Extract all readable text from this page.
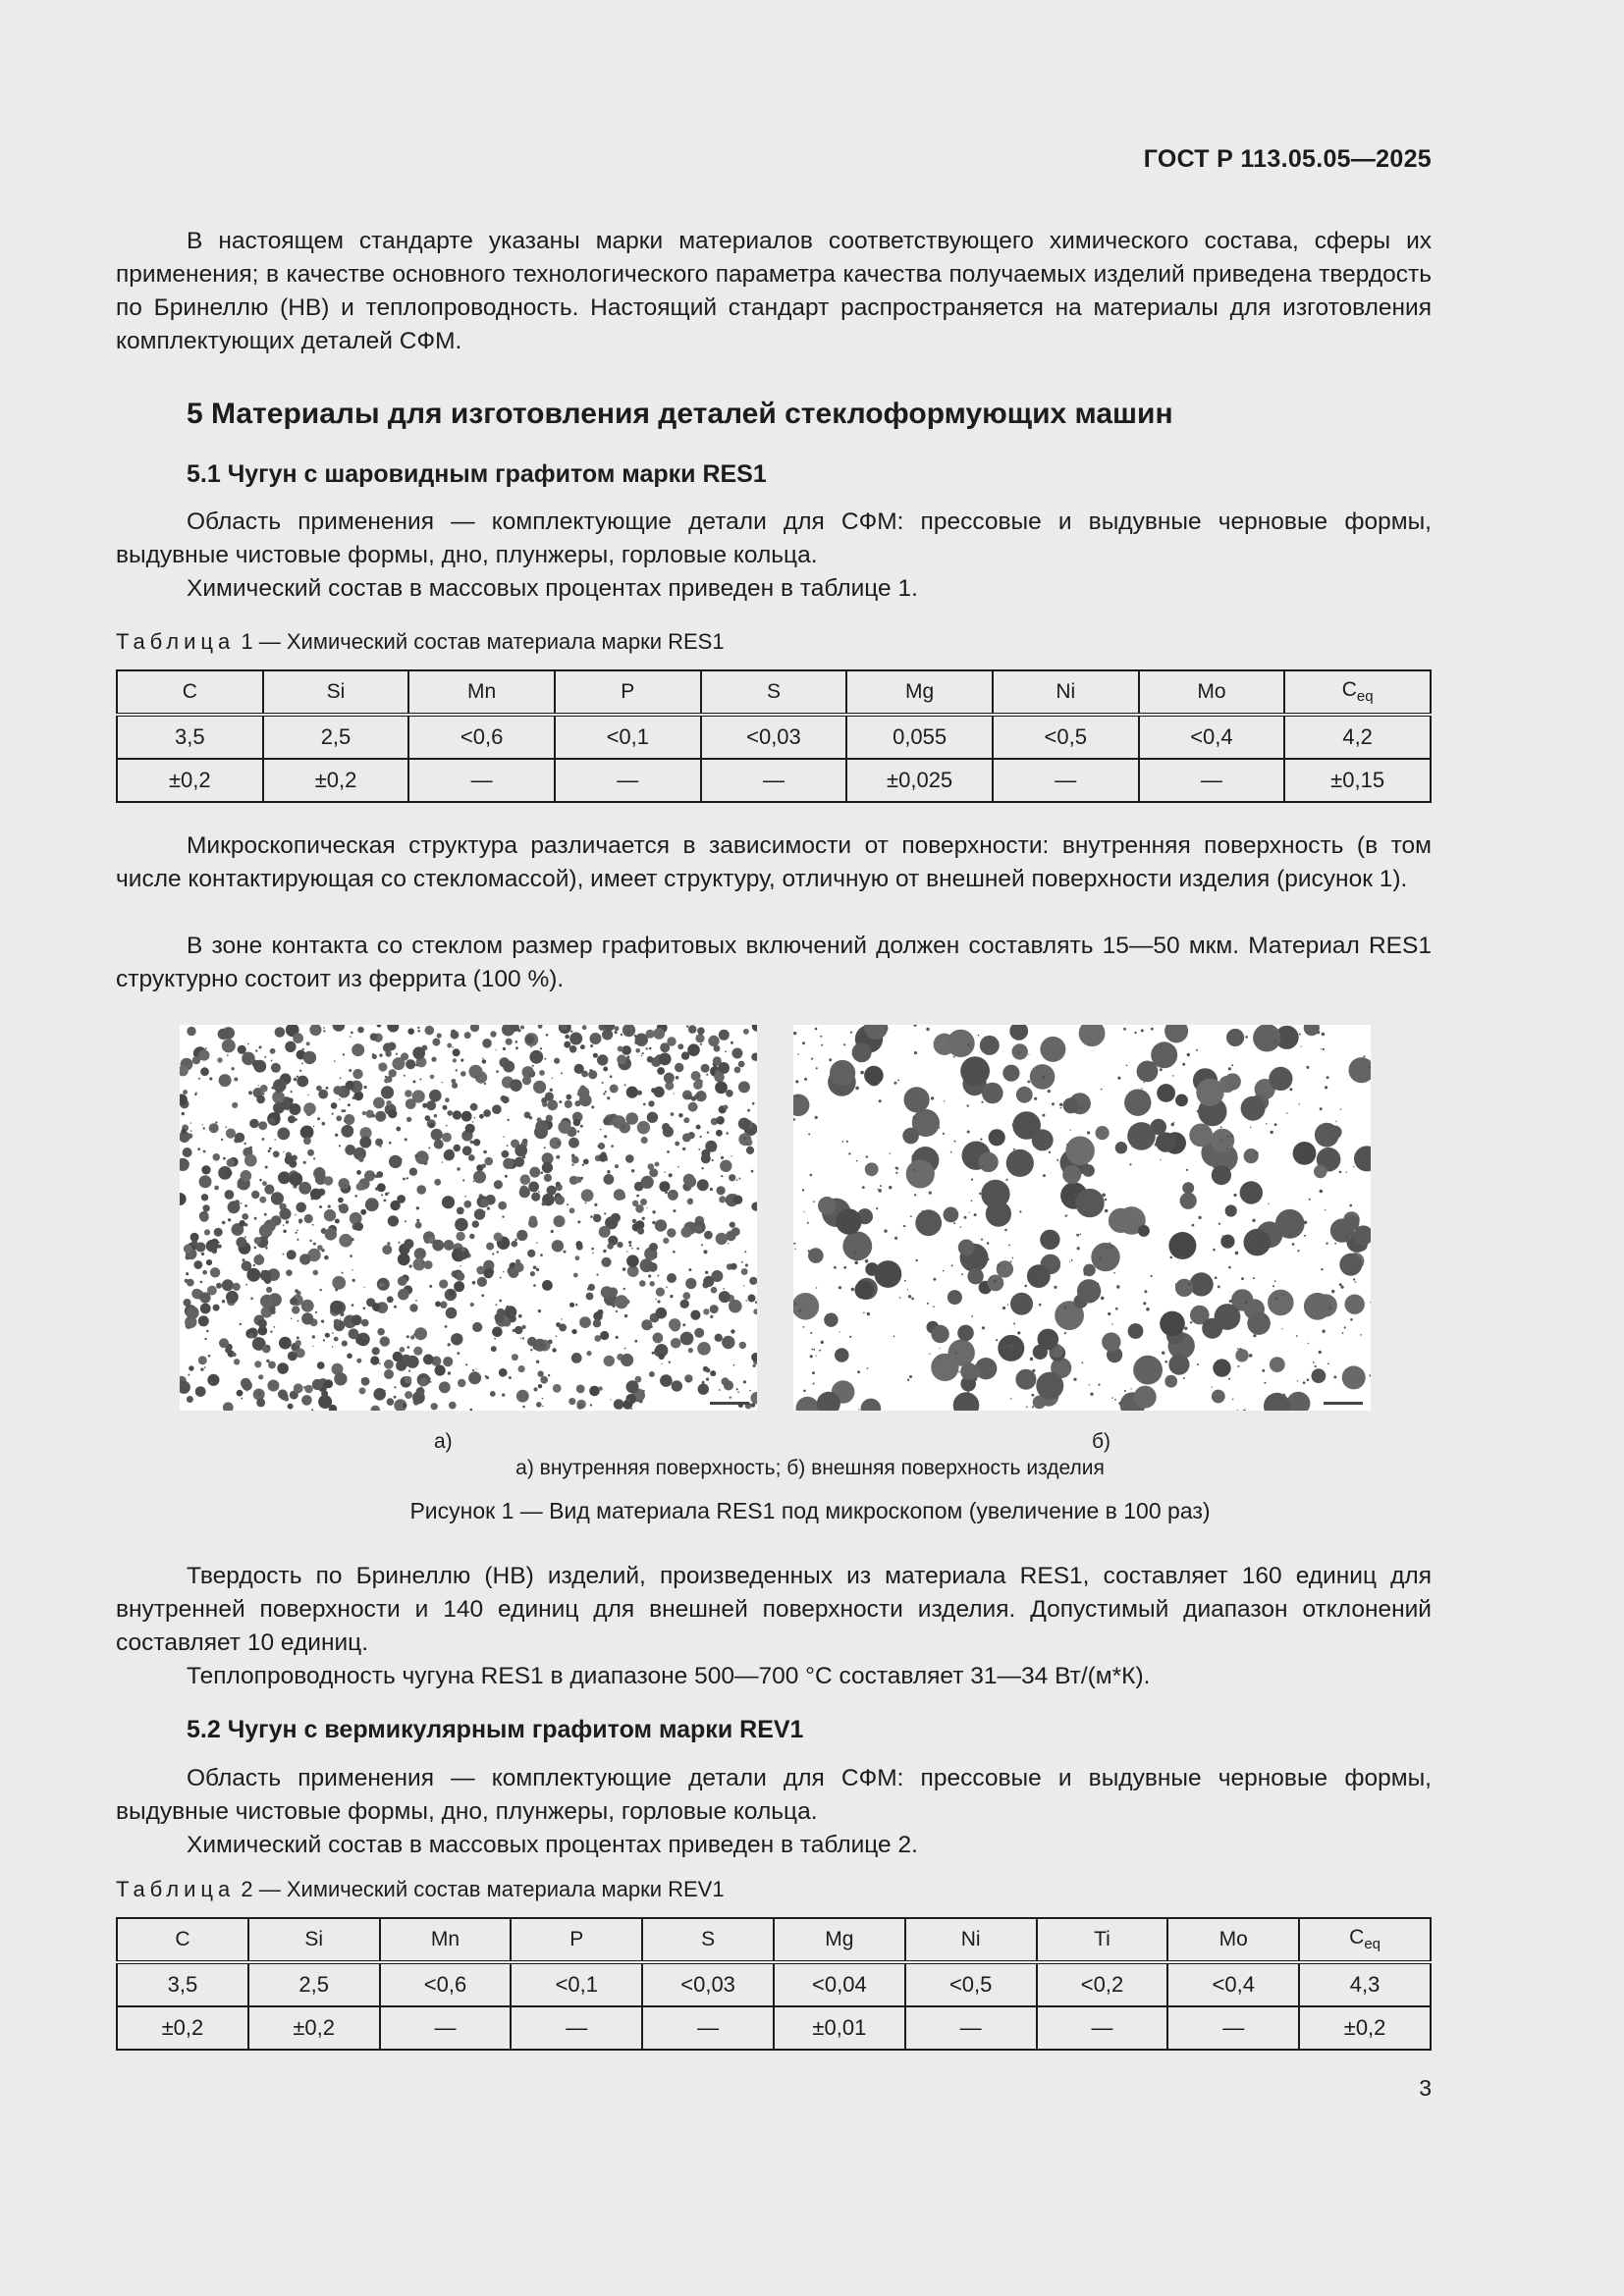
ГОСТ Р 113.05.05—2025

В настоящем стандарте указаны марки материалов соответствующего химического состава, сферы их применения; в качестве основного технологического параметра качества получаемых изделий приведена твердость по Бринеллю (НВ) и теплопроводность. Настоящий стандарт распространяется на материалы для изготовления комплектующих деталей СФМ.

5 Материалы для изготовления деталей стеклоформующих машин
5.1 Чугун с шаровидным графитом марки RES1

Область применения — комплектующие детали для СФМ: прессовые и выдувные черновые формы, выдувные чистовые формы, дно, плунжеры, горловые кольца.

Химический состав в массовых процентах приведен в таблице 1.

Таблица 1 — Химический состав материала марки RES1
C	Si	Mn	P	S	Mg	Ni	Mo	$C_{eq}$
3,5	2,5	<0,6	<0,1	<0,03	0,055	<0,5	<0,4	4,2
±0,2	±0,2	—	—	—	±0,025	—	—	±0,15

Микроскопическая структура различается в зависимости от поверхности: внутренняя поверхность (в том числе контактирующая со стекломассой), имеет структуру, отличную от внешней поверхности изделия (рисунок 1).

В зоне контакта со стеклом размер графитовых включений должен составлять 15—50 мкм. Материал RES1 структурно состоит из феррита (100 %).

а)	б)
а) внутренняя поверхность; б) внешняя поверхность изделия
Рисунок 1 — Вид материала RES1 под микроскопом (увеличение в 100 раз)

Твердость по Бринеллю (НВ) изделий, произведенных из материала RES1, составляет 160 единиц для внутренней поверхности и 140 единиц для внешней поверхности изделия. Допустимый диапазон отклонений составляет 10 единиц.

Теплопроводность чугуна RES1 в диапазоне 500—700 °С составляет 31—34 Вт/(м*К).

5.2 Чугун с вермикулярным графитом марки REV1

Область применения — комплектующие детали для СФМ: прессовые и выдувные черновые формы, выдувные чистовые формы, дно, плунжеры, горловые кольца.

Химический состав в массовых процентах приведен в таблице 2.

Таблица 2 — Химический состав материала марки REV1
C	Si	Mn	P	S	Mg	Ni	Ti	Mo	$C_{eq}$
3,5	2,5	<0,6	<0,1	<0,03	<0,04	<0,5	<0,2	<0,4	4,3
±0,2	±0,2	—	—	—	±0,01	—	—	—	±0,2
3
